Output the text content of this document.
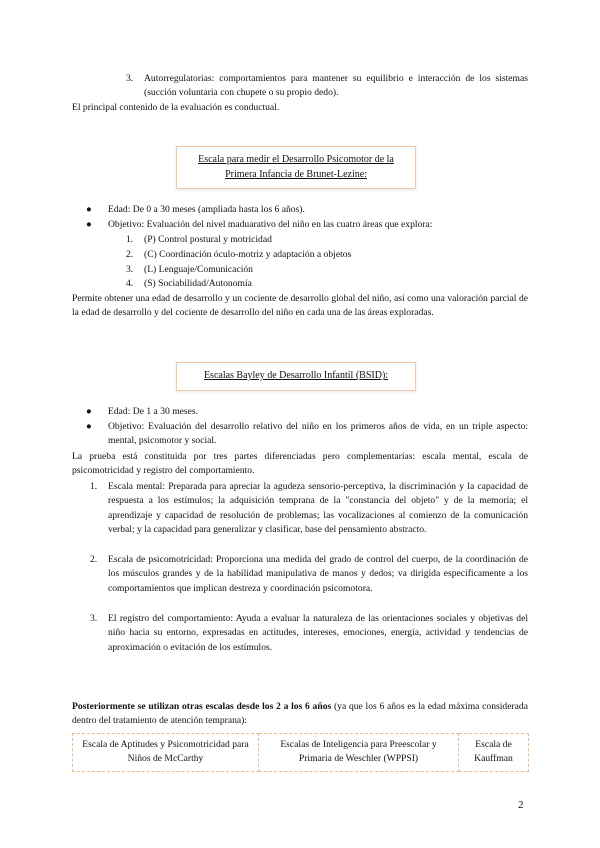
3. Autorregulatorias: comportamientos para mantener su equilibrio e interacción de los sistemas (succión voluntaria con chupete o su propio dedo).

El principal contenido de la evaluación es conductual.

Escala para medir el Desarrollo Psicomotor de la
Primera Infancia de Brunet-Lezine:
● Edad: De 0 a 30 meses (ampliada hasta los 6 años).
● Objetivo: Evaluación del nivel maduarativo del niño en las cuatro áreas que explora:
1. (P) Control postural y motricidad
2. (C) Coordinación óculo-motriz y adaptación a objetos
3. (L) Lenguaje/Comunicación
4. (S) Sociabilidad/Autonomía

Permite obtener una edad de desarrollo y un cociente de desarrollo global del niño, así como una valoración parcial de la edad de desarrollo y del cociente de desarrollo del niño en cada una de las áreas exploradas.

Escalas Bayley de Desarrollo Infantil (BSID):
● Edad: De 1 a 30 meses.
● Objetivo: Evaluación del desarrollo relativo del niño en los primeros años de vida, en un triple aspecto: mental, psicomotor y social.

La prueba está constituida por tres partes diferenciadas pero complementarias: escala mental, escala de psicomotricidad y registro del comportamiento.

1. Escala mental: Preparada para apreciar la agudeza sensorio-perceptiva, la discriminación y la capacidad de respuesta a los estímulos; la adquisición temprana de la "constancia del objeto" y de la memoria; el aprendizaje y capacidad de resolución de problemas; las vocalizaciones al comienzo de la comunicación verbal; y la capacidad para generalizar y clasificar, base del pensamiento abstracto.
2. Escala de psicomotricidad: Proporciona una medida del grado de control del cuerpo, de la coordinación de los músculos grandes y de la habilidad manipulativa de manos y dedos; va dirigida específicamente a los comportamientos que implican destreza y coordinación psicomotora.
3. El registro del comportamiento: Ayuda a evaluar la naturaleza de las orientaciones sociales y objetivas del niño hacia su entorno, expresadas en actitudes, intereses, emociones, energía, actividad y tendencias de aproximación o evitación de los estímulos.

Posteriormente se utilizan otras escalas desde los 2 a los 6 años (ya que los 6 años es la edad máxima considerada dentro del tratamiento de atención temprana):

Escala de Aptitudes y Psicomotricidad para Niños de McCarthy	Escalas de Inteligencia para Preescolar y Primaria de Weschler (WPPSI)	Escala de Kauffman
2
